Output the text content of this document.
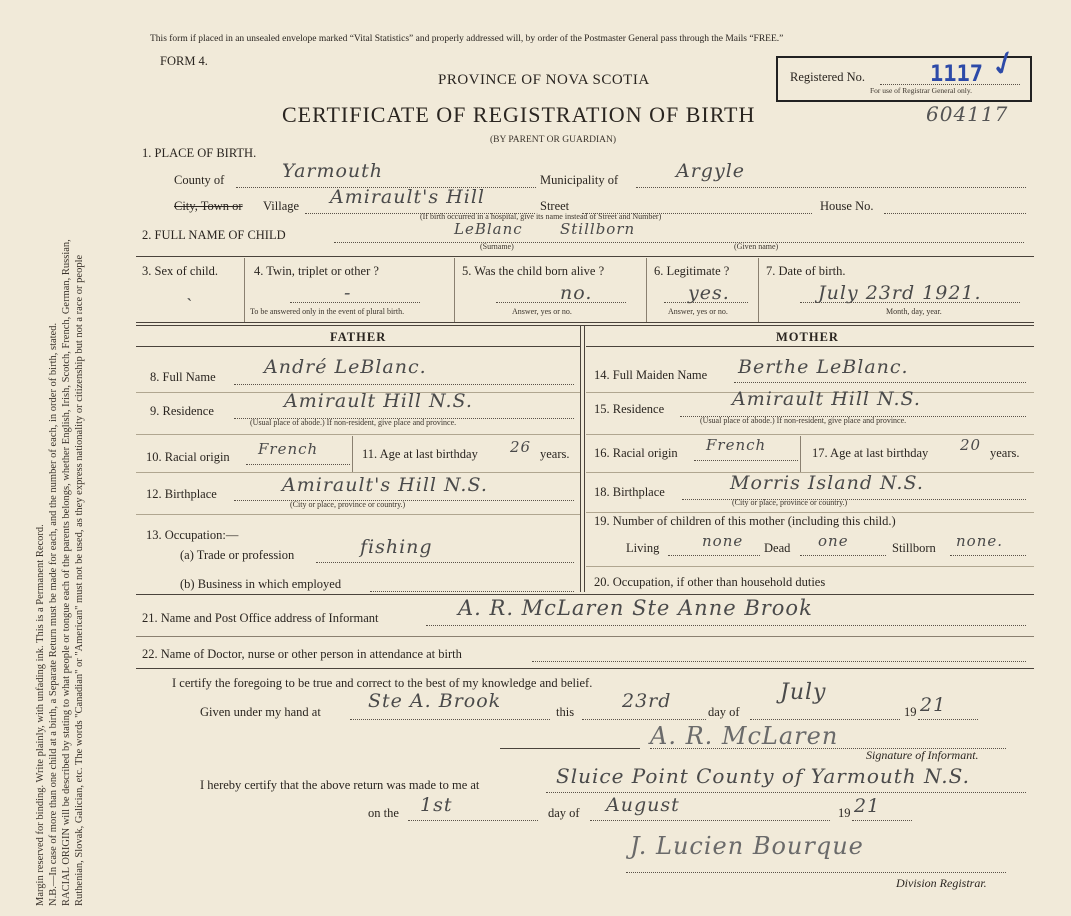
Margin reserved for binding. Write plainly, with unfading ink. This is a Permanent Record. N.B.—In case of more than one child at a birth, a Separate Return must be made for each, and the number of each, in order of birth, stated. RACIAL ORIGIN will be described by stating to what people or tongue each of the parents belongs, whether English, Irish, Scotch, French, German, Russian, Ruthenian, Slovak, Galician, etc. The words "Canadian" or "American" must not be used, as they express nationality or citizenship but not a race or people
This form if placed in an unsealed envelope marked “Vital Statistics” and properly addressed will, by order of the Postmaster General pass through the Mails “FREE.”
FORM 4.
PROVINCE OF NOVA SCOTIA
CERTIFICATE OF REGISTRATION OF BIRTH
(BY PARENT OR GUARDIAN)
Registered No.	1117 ✓
For use of Registrar General only.
604117
1. PLACE OF BIRTH.
County of	Yarmouth	Municipality of	Argyle
City, Town or Village Amirault's Hill	Street	House No.
(If birth occurred in a hospital, give its name instead of Street and Number)
2. FULL NAME OF CHILD	LeBlanc Stillborn
(Surname)	(Given name)
3. Sex of child.
ˎ
4. Twin, triplet or other ?
-
To be answered only in the event of plural birth.
5. Was the child born alive ?
no.
Answer, yes or no.
6. Legitimate ?
yes.
Answer, yes or no.
7. Date of birth.
July 23rd 1921.
Month, day, year.
FATHER	MOTHER
8. Full Name	André LeBlanc.
9. Residence	Amirault Hill N.S.
(Usual place of abode.) If non-resident, give place and province.
10. Racial origin French	11. Age at last birthday 26 years.
12. Birthplace	Amirault's Hill N.S.
(City or place, province or country.)
13. Occupation:—
(a) Trade or profession	fishing
(b) Business in which employed
14. Full Maiden Name Berthe LeBlanc.
15. Residence	Amirault Hill N.S.
(Usual place of abode.) If non-resident, give place and province.
16. Racial origin French	17. Age at last birthday 20 years.
18. Birthplace	Morris Island N.S.
(City or place, province or country.)
19. Number of children of this mother (including this child.)
Living	none Dead one	Stillborn none.
20. Occupation, if other than household duties
21. Name and Post Office address of Informant	A. R. McLaren Ste Anne Brook
22. Name of Doctor, nurse or other person in attendance at birth
I certify the foregoing to be true and correct to the best of my knowledge and belief.
Given under my hand at Ste A. Brook	this	23rd	day of
July
19 21
A. R. McLaren
Signature of Informant.
I hereby certify that the above return was made to me at	Sluice Point County of Yarmouth N.S.
on the 1st	day of August	19 21
J. Lucien Bourque
Division Registrar.
